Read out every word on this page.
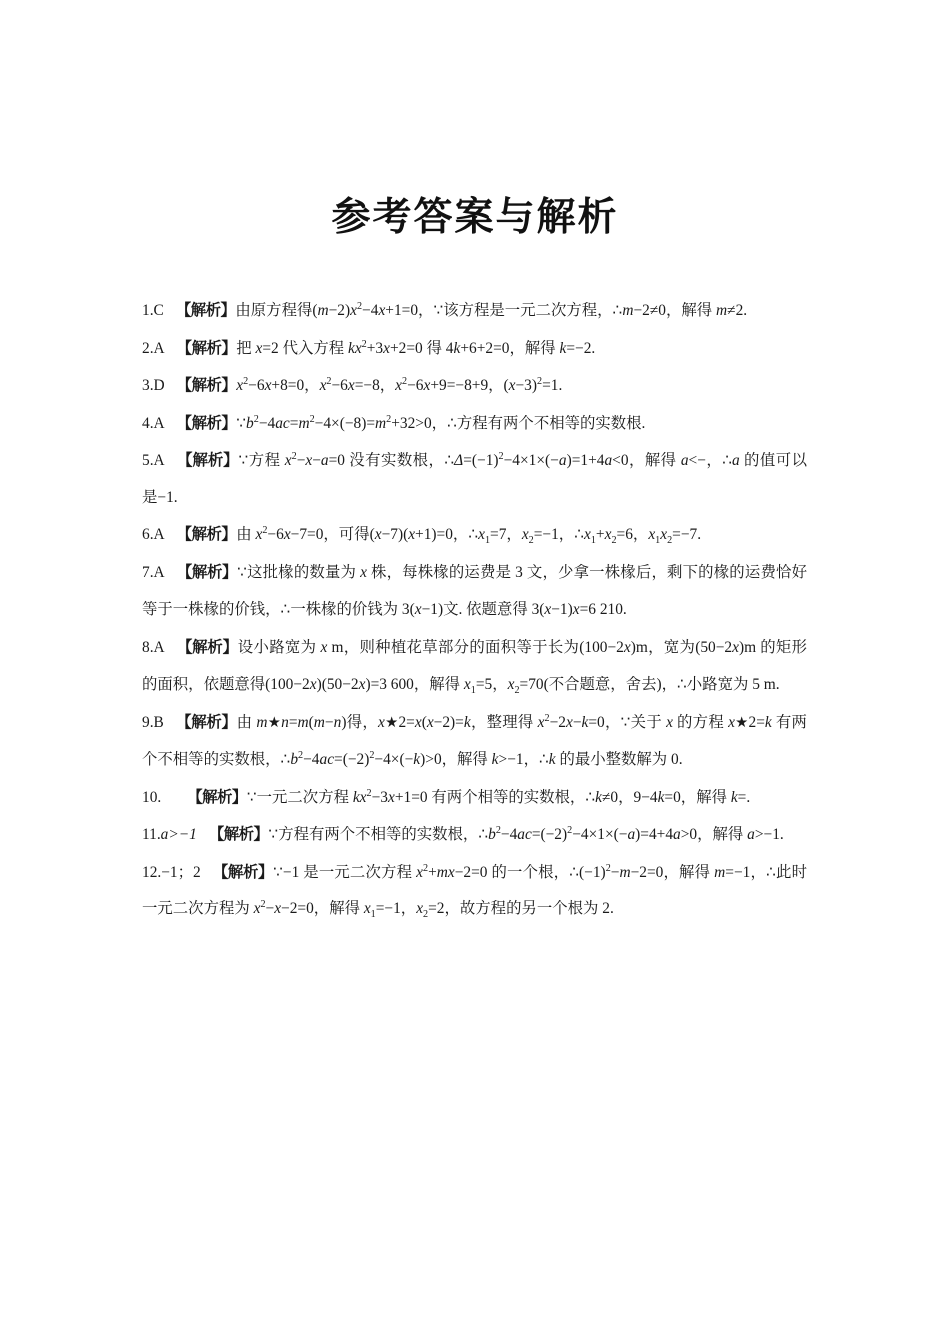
参考答案与解析

1.C 【解析】由原方程得$(m-2)x^2-4x+1=0$，∵该方程是一元二次方程，∴m−2≠0，解得 m≠2.

2.A 【解析】把 x=2 代入方程 $kx^2+3x+2=0$ 得 4k+6+2=0，解得 k=−2.

3.D 【解析】$x^2-6x+8=0$，$x^2-6x=-8$，$x^2-6x+9=-8+9$，$(x-3)^2=1$.

4.A 【解析】$\because b^2-4ac=m^2-4\times(-8)=m^2+32>0$，∴方程有两个不相等的实数根.

5.A 【解析】∵方程 $x^2-x-a=0$ 没有实数根，$\therefore\Delta=(-1)^2-4\times 1\times(-a)=1+4a<0$，解得 a<−，∴a 的值可以是−1.

6.A 【解析】由 $x^2-6x-7=0$，可得(x−7)(x+1)=0，$\therefore x_1=7$，$x_2=-1$，$\therefore x_1+x_2=6$，$x_1x_2=-7$.

7.A 【解析】∵这批椽的数量为 x 株，每株椽的运费是 3 文，少拿一株椽后，剩下的椽的运费恰好等于一株椽的价钱，∴一株椽的价钱为 3(x−1)文. 依题意得 3(x−1)x=6 210.

8.A 【解析】设小路宽为 x m，则种植花草部分的面积等于长为(100−2x)m，宽为(50−2x)m 的矩形的面积，依题意得(100−2x)(50−2x)=3 600，解得 $x_1=5$，$x_2=70$(不合题意，舍去)，∴小路宽为 5 m.

9.B 【解析】由 m★n=m(m−n)得，x★2=x(x−2)=k，整理得 $x^2-2x-k=0$，∵关于 x 的方程 x★2=k 有两个不相等的实数根，$\therefore b^2-4ac=(-2)^2-4\times(-k)>0$，解得 k>−1，∴k 的最小整数解为 0.

10. 【解析】∵一元二次方程 $kx^2-3x+1=0$ 有两个相等的实数根，∴k≠0，9−4k=0，解得 k=.

11.a>−1 【解析】∵方程有两个不相等的实数根，$\therefore b^2-4ac=(-2)^2-4\times 1\times(-a)=4+4a>0$，解得 a>−1.

12.−1；2 【解析】∵−1 是一元二次方程 $x^2+mx-2=0$ 的一个根，$\therefore(-1)^2-m-2=0$，解得 m=−1，∴此时一元二次方程为 $x^2-x-2=0$，解得 $x_1=-1$，$x_2=2$，故方程的另一个根为 2.
